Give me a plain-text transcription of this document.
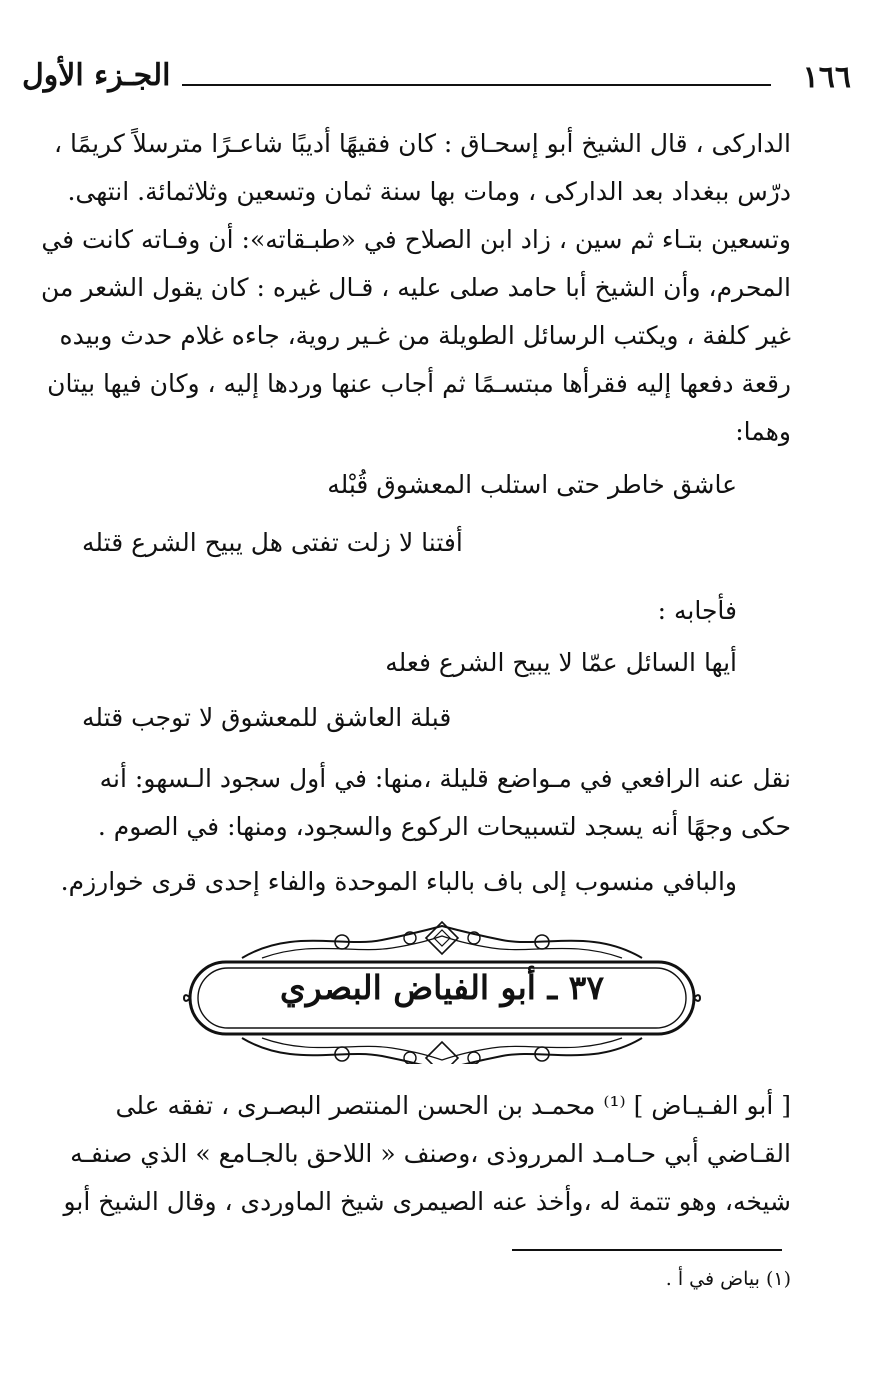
١٦٦
الجـزء الأول
الداركى ، قال الشيخ أبو إسحـاق : كان فقيهًا أديبًا شاعـرًا مترسلاً كريمًا ،
درّس ببغداد بعد الداركى ، ومات بها سنة ثمان وتسعين وثلاثمائة. انتهى.
وتسعين بتـاء ثم سين ، زاد ابن الصلاح في «طبـقاته»: أن وفـاته كانت في
المحرم، وأن الشيخ أبا حامد صلى عليه ، قـال غيره : كان يقول الشعر من
غير كلفة ، ويكتب الرسائل الطويلة من غـير روية، جاءه غلام حدث وبيده
رقعة دفعها إليه فقرأها مبتسـمًا ثم أجاب عنها وردها إليه ، وكان فيها بيتان
وهما:
عاشق خاطر حتى استلب المعشوق قُبْله
أفتنا لا زلت تفتى هل يبيح الشرع قتله
فأجابه :
أيها السائل عمّا لا يبيح الشرع فعله
قبلة العاشق للمعشوق لا توجب قتله
نقل عنه الرافعي في مـواضع قليلة ،منها: في أول سجود الـسهو: أنه
حكى وجهًا أنه يسجد لتسبيحات الركوع والسجود، ومنها: في الصوم .
والبافي منسوب إلى باف بالباء الموحدة والفاء إحدى قرى خوارزم.
٣٧ ـ أبو الفياض البصري
[ أبو الفـيـاض ] ⁽¹⁾ محمـد بن الحسن المنتصر البصـرى ، تفقه على
القـاضي أبي حـامـد المرروذى ،وصنف « اللاحق بالجـامع » الذي صنفـه
شيخه، وهو تتمة له ،وأخذ عنه الصيمرى شيخ الماوردى ، وقال الشيخ أبو
(١) بياض في أ .
